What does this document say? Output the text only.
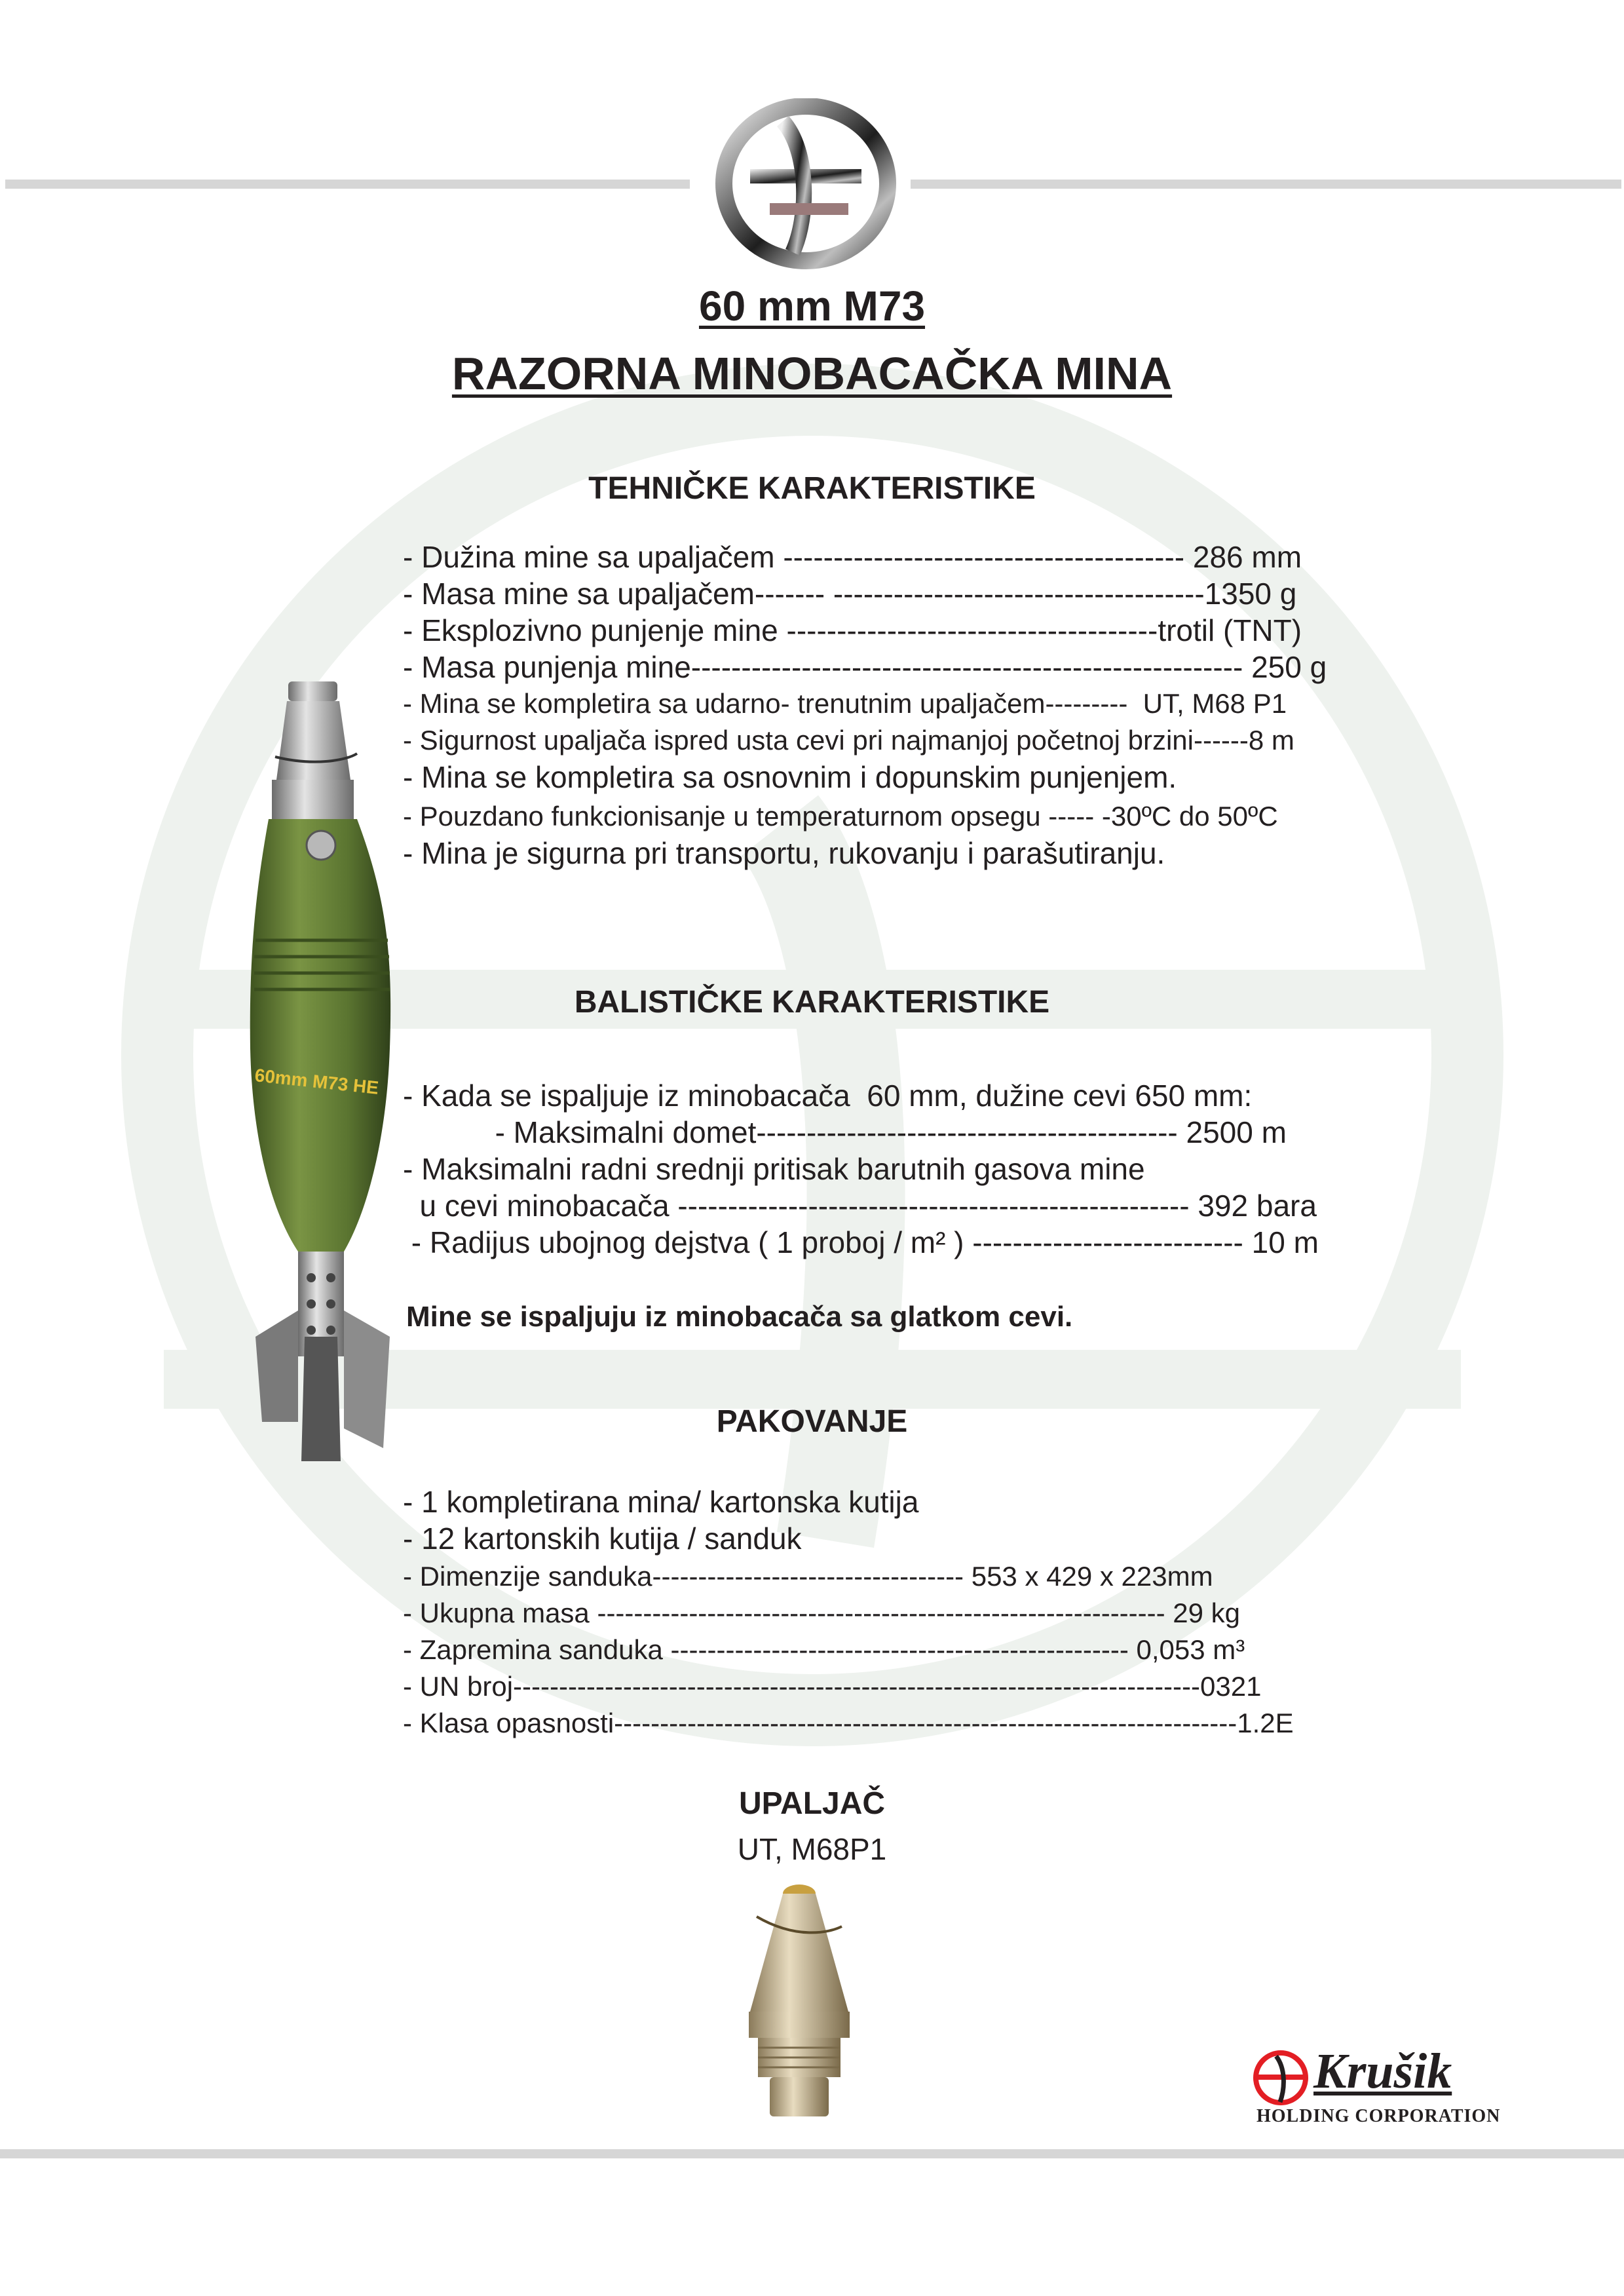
60 mm M73
RAZORNA MINOBACAČKA MINA
TEHNIČKE KARAKTERISTIKE
- Dužina mine sa upaljačem ---------------------------------------- 286 mm
- Masa mine sa upaljačem------- -------------------------------------1350 g
- Eksplozivno punjenje mine -------------------------------------trotil (TNT)
- Masa punjenja mine------------------------------------------------------- 250 g
- Mina se kompletira sa udarno- trenutnim upaljačem---------  UT, M68 P1
- Sigurnost upaljača ispred usta cevi pri najmanjoj početnoj brzini------8 m
- Mina se kompletira sa osnovnim i dopunskim punjenjem.
- Pouzdano funkcionisanje u temperaturnom opsegu ----- -30ºC do 50ºC
- Mina je sigurna pri transportu, rukovanju i parašutiranju.
BALISTIČKE KARAKTERISTIKE
- Kada se ispaljuje iz minobacača  60 mm, dužine cevi 650 mm:
- Maksimalni domet------------------------------------------ 2500 m
- Maksimalni radni srednji pritisak barutnih gasova mine
u cevi minobacača --------------------------------------------------- 392 bara
- Radijus ubojnog dejstva ( 1 proboj / m² ) --------------------------- 10 m
Mine se ispaljuju iz minobacača sa glatkom cevi.
PAKOVANJE
- 1 kompletirana mina/ kartonska kutija
- 12 kartonskih kutija / sanduk
- Dimenzije sanduka---------------------------------- 553 x 429 x 223mm
- Ukupna masa -------------------------------------------------------------- 29 kg
- Zapremina sanduka -------------------------------------------------- 0,053 m³
- UN broj---------------------------------------------------------------------------0321
- Klasa opasnosti--------------------------------------------------------------------1.2E
UPALJAČ
UT, M68P1
60mm M73 HE
Krušik
HOLDING CORPORATION
